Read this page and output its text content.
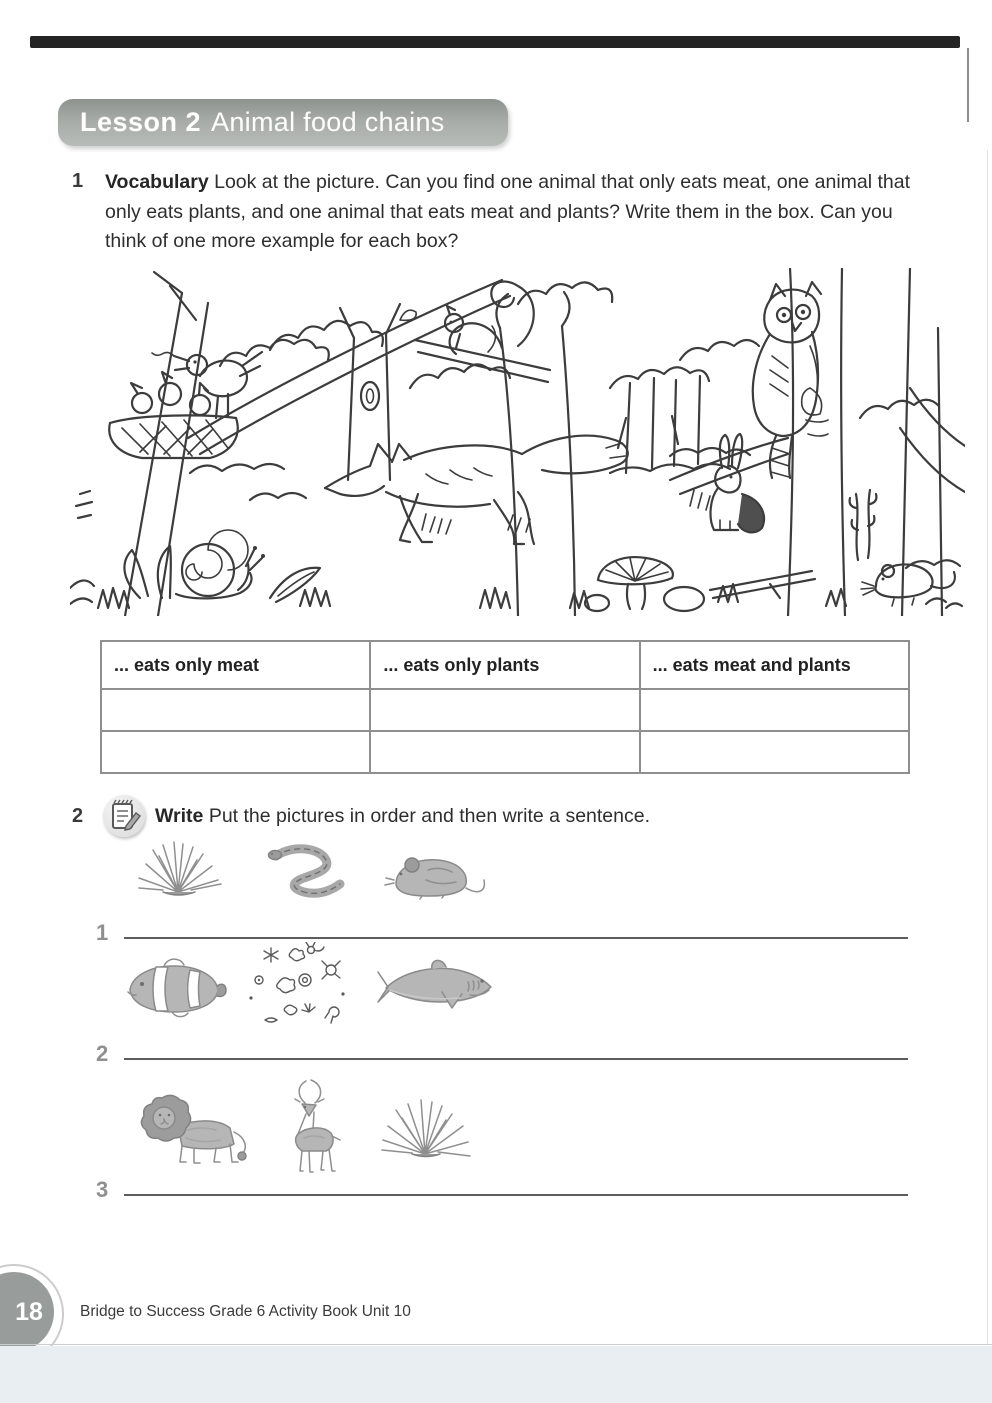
Lesson 2 Animal food chains
1 Vocabulary Look at the picture. Can you find one animal that only eats meat, one animal that only eats plants, and one animal that eats meat and plants? Write them in the box. Can you think of one more example for each box?
... eats only meat	... eats only plants	... eats meat and plants

2	Write Put the pictures in order and then write a sentence.
1
2
3
18 Bridge to Success Grade 6 Activity Book Unit 10
